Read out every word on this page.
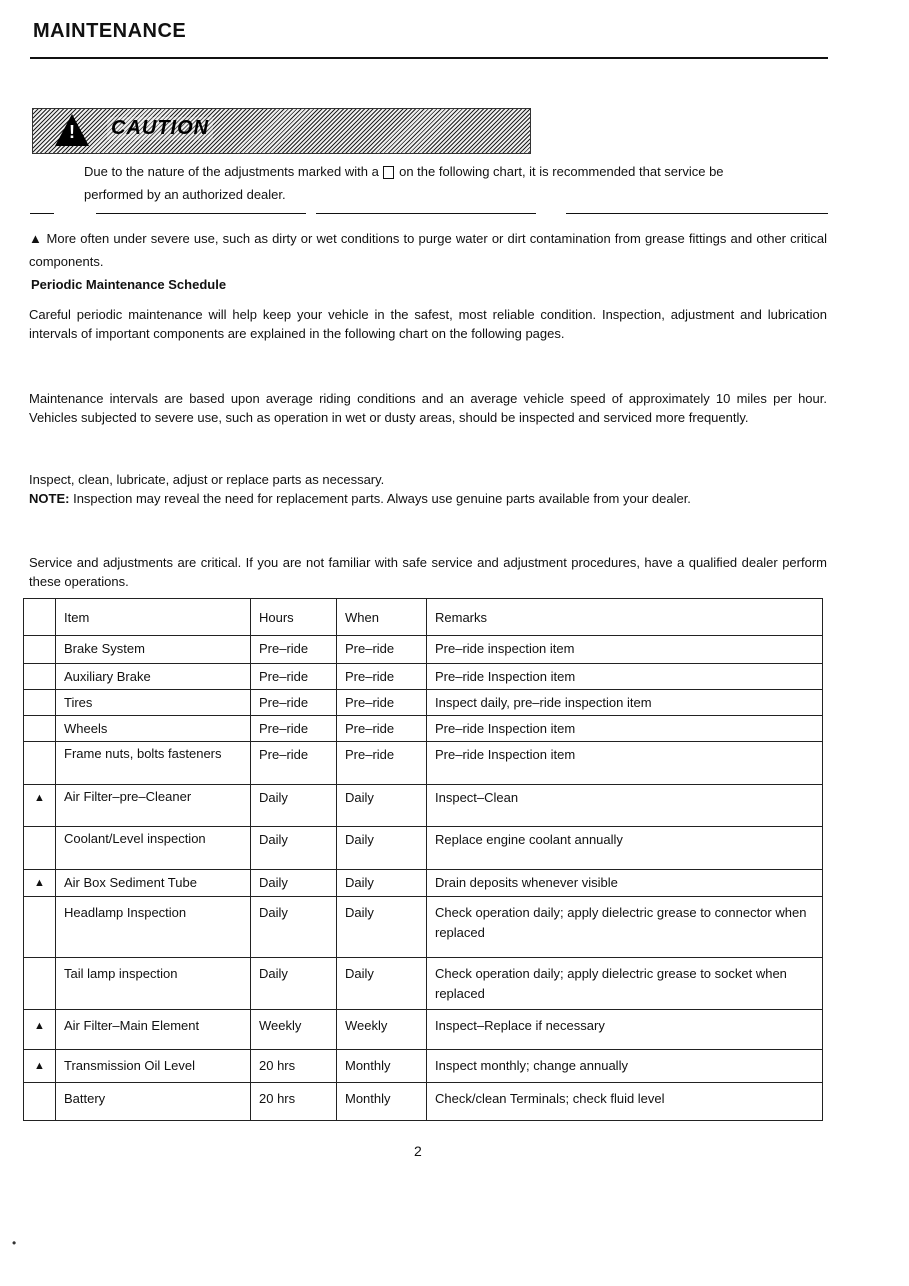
MAINTENANCE
! CAUTION
Due to the nature of the adjustments marked with a on the following chart, it is recommended that service be performed by an authorized dealer.
▲ More often under severe use, such as dirty or wet conditions to purge water or dirt contamination from grease fittings and other critical components.
Periodic Maintenance Schedule
Careful periodic maintenance will help keep your vehicle in the safest, most reliable condition. Inspection, adjustment and lubrication intervals of important components are explained in the following chart on the following pages.
Maintenance intervals are based upon average riding conditions and an average vehicle speed of approximately 10 miles per hour. Vehicles subjected to severe use, such as operation in wet or dusty areas, should be inspected and serviced more frequently.
Inspect, clean, lubricate, adjust or replace parts as necessary.
NOTE: Inspection may reveal the need for replacement parts. Always use genuine parts available from your dealer.
Service and adjustments are critical. If you are not familiar with safe service and adjustment procedures, have a qualified dealer perform these operations.
	Item	Hours	When	Remarks
	Brake System	Pre–ride	Pre–ride	Pre–ride inspection item
	Auxiliary Brake	Pre–ride	Pre–ride	Pre–ride Inspection item
	Tires	Pre–ride	Pre–ride	Inspect daily, pre–ride inspection item
	Wheels	Pre–ride	Pre–ride	Pre–ride Inspection item
	Frame nuts, bolts fasteners	Pre–ride	Pre–ride	Pre–ride Inspection item
▲	Air Filter–pre–Cleaner	Daily	Daily	Inspect–Clean
	Coolant/Level inspection	Daily	Daily	Replace engine coolant annually
▲	Air Box Sediment Tube	Daily	Daily	Drain deposits whenever visible
	Headlamp Inspection	Daily	Daily	Check operation daily; apply dielectric grease to connector when replaced
	Tail lamp inspection	Daily	Daily	Check operation daily; apply dielectric grease to socket when replaced
▲	Air Filter–Main Element	Weekly	Weekly	Inspect–Replace if necessary
▲	Transmission Oil Level	20 hrs	Monthly	Inspect monthly; change annually
	Battery	20 hrs	Monthly	Check/clean Terminals; check fluid level
2
•
